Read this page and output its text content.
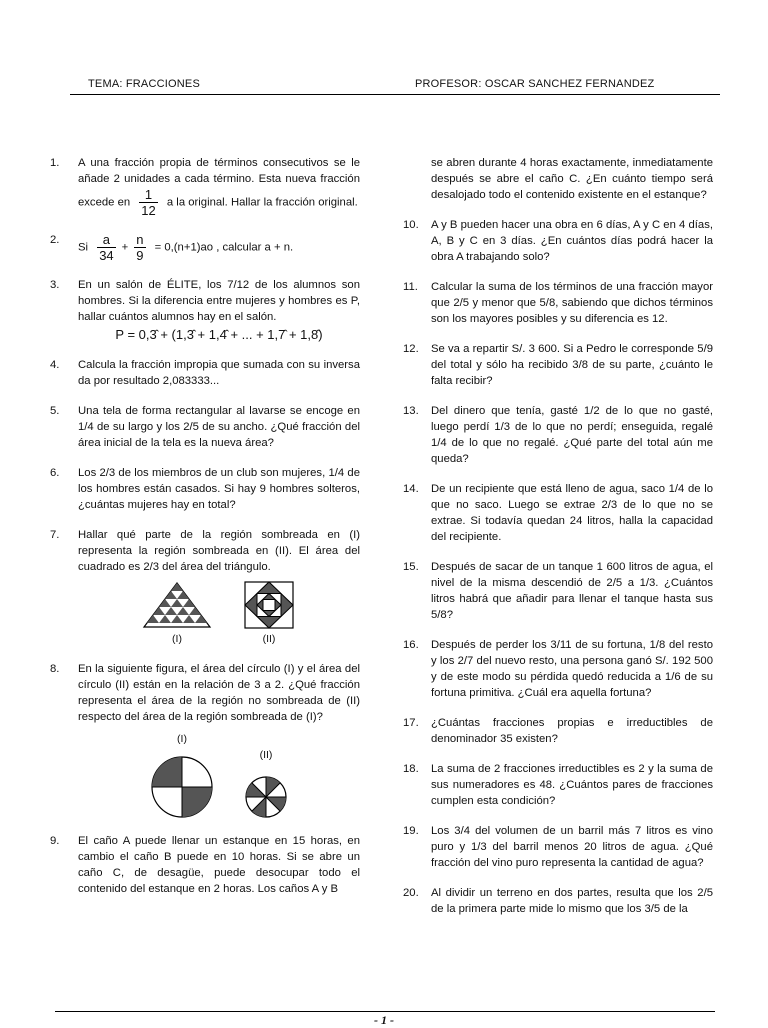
TEMA: FRACCIONES	PROFESOR: OSCAR SANCHEZ FERNANDEZ
1.	A una fracción propia de términos consecutivos se le añade 2 unidades a cada término. Esta nueva fracción excede en $\frac{1}{12}$ a la original. Hallar la fracción original.
2.
Si $\frac{a}{34} + \frac{n}{9} = 0,(n+1)ao$ , calcular a + n.
3.	En un salón de ÉLITE, los 7/12 de los alumnos son hombres. Si la diferencia entre mujeres y hombres es P, hallar cuántos alumnos hay en el salón.
P = 0,3̂ + (1,3̂ + 1,4̂ + ... + 1,7̂ + 1,8̂)
4.	Calcula la fracción impropia que sumada con su inversa da por resultado 2,083333...
5.	Una tela de forma rectangular al lavarse se encoge en 1/4 de su largo y los 2/5 de su ancho. ¿Qué fracción del área inicial de la tela es la nueva área?
6.	Los 2/3 de los miembros de un club son mujeres, 1/4 de los hombres están casados. Si hay 9 hombres solteros, ¿cuántas mujeres hay en total?
7.	Hallar qué parte de la región sombreada en (I) representa la región sombreada en (II). El área del cuadrado es 2/3 del área del triángulo.
(I)	(II)
8.	En la siguiente figura, el área del círculo (I) y el área del círculo (II) están en la relación de 3 a 2. ¿Qué fracción representa el área de la región no sombreada de (II) respecto del área de la región sombreada de (I)?
(I)
(II)
9.	El caño A puede llenar un estanque en 15 horas, en cambio el caño B puede en 10 horas. Si se abre un caño C, de desagüe, puede desocupar todo el contenido del estanque en 2 horas. Los caños A y B
se abren durante 4 horas exactamente, inmediatamente después se abre el caño C. ¿En cuánto tiempo será desalojado todo el contenido existente en el estanque?
10.	A y B pueden hacer una obra en 6 días, A y C en 4 días, A, B y C en 3 días. ¿En cuántos días podrá hacer la obra A trabajando solo?
11.	Calcular la suma de los términos de una fracción mayor que 2/5 y menor que 5/8, sabiendo que dichos términos son los mayores posibles y su diferencia es 12.
12.	Se va a repartir S/. 3 600. Si a Pedro le corresponde 5/9 del total y sólo ha recibido 3/8 de su parte, ¿cuánto le falta recibir?
13.	Del dinero que tenía, gasté 1/2 de lo que no gasté, luego perdí 1/3 de lo que no perdí; enseguida, regalé 1/4 de lo que no regalé. ¿Qué parte del total aún me queda?
14.	De un recipiente que está lleno de agua, saco 1/4 de lo que no saco. Luego se extrae 2/3 de lo que no se extrae. Si todavía quedan 24 litros, halla la capacidad del recipiente.
15.	Después de sacar de un tanque 1 600 litros de agua, el nivel de la misma descendió de 2/5 a 1/3. ¿Cuántos litros habrá que añadir para llenar el tanque hasta sus 5/8?
16.	Después de perder los 3/11 de su fortuna, 1/8 del resto y los 2/7 del nuevo resto, una persona ganó S/. 192 500 y de este modo su pérdida quedó reducida a 1/6 de su fortuna primitiva. ¿Cuál era aquella fortuna?
17.	¿Cuántas fracciones propias e irreductibles de denominador 35 existen?
18.	La suma de 2 fracciones irreductibles es 2 y la suma de sus numeradores es 48. ¿Cuántos pares de fracciones cumplen esta condición?
19.	Los 3/4 del volumen de un barril más 7 litros es vino puro y 1/3 del barril menos 20 litros de agua. ¿Qué fracción del vino puro representa la cantidad de agua?
20.	Al dividir un terreno en dos partes, resulta que los 2/5 de la primera parte mide lo mismo que los 3/5 de la
- 1 -
